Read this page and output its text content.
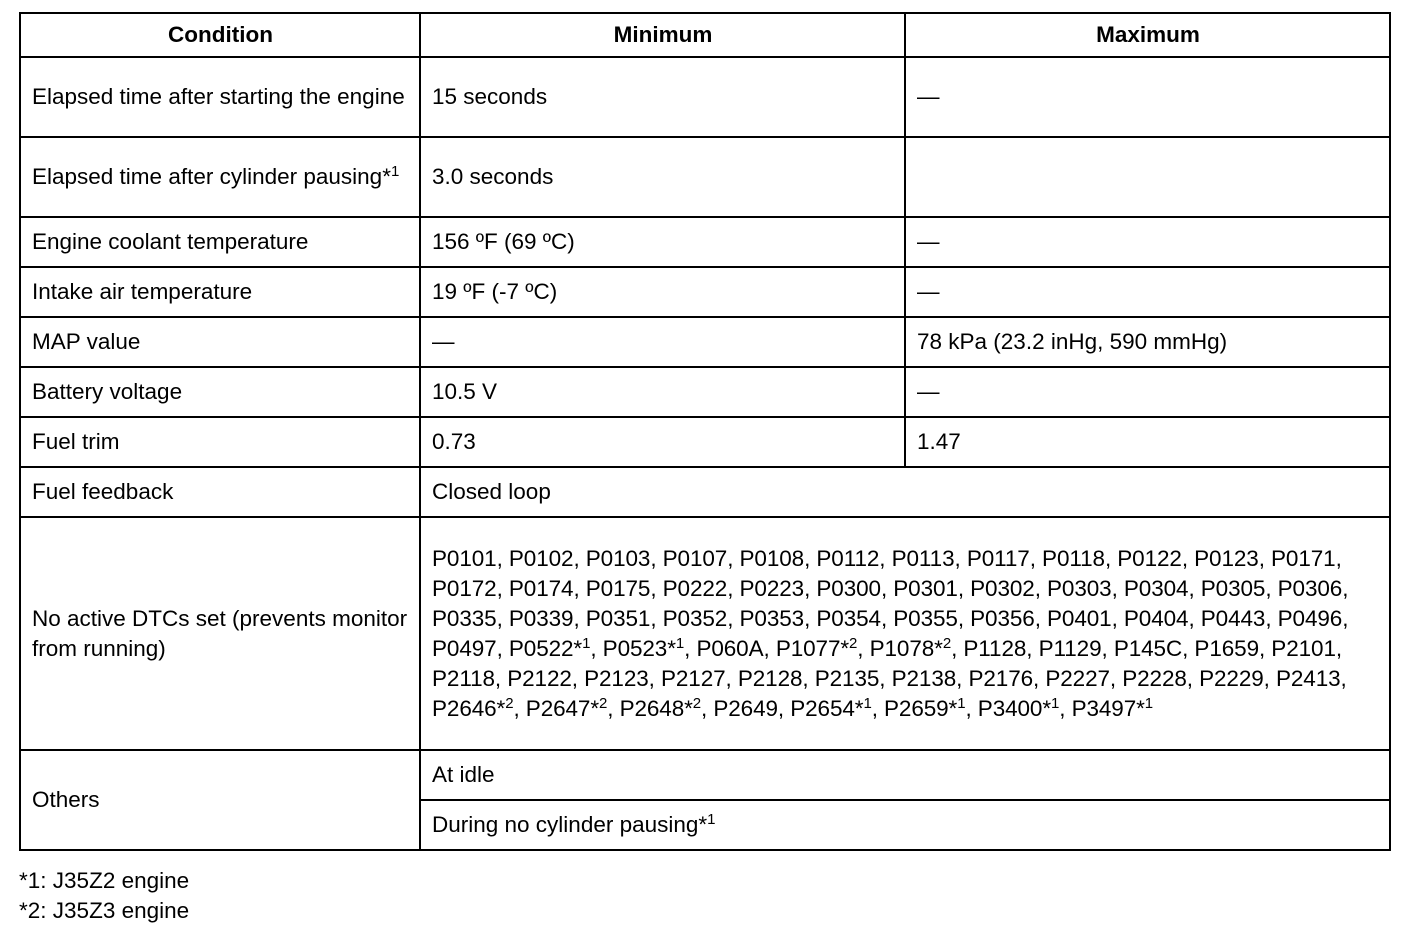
Condition	Minimum	Maximum
Elapsed time after starting the engine	15 seconds	—
Elapsed time after cylinder pausing*$^1$	3.0 seconds	
Engine coolant temperature	156 ºF (69 ºC)	—
Intake air temperature	19 ºF (-7 ºC)	—
MAP value	—	78 kPa (23.2 inHg, 590 mmHg)
Battery voltage	10.5 V	—
Fuel trim	0.73	1.47
Fuel feedback	Closed loop	
No active DTCs set (prevents monitor from running)	P0101, P0102, P0103, P0107, P0108, P0112, P0113, P0117, P0118, P0122, P0123, P0171, P0172, P0174, P0175, P0222, P0223, P0300, P0301, P0302, P0303, P0304, P0305, P0306, P0335, P0339, P0351, P0352, P0353, P0354, P0355, P0356, P0401, P0404, P0443, P0496, P0497, P0522*$^1$, P0523*$^1$, P060A, P1077*$^2$, P1078*$^2$, P1128, P1129, P145C, P1659, P2101, P2118, P2122, P2123, P2127, P2128, P2135, P2138, P2176, P2227, P2228, P2229, P2413, P2646*$^2$, P2647*$^2$, P2648*$^2$, P2649, P2654*$^1$, P2659*$^1$, P3400*$^1$, P3497*$^1$
Others	At idle	
	During no cylinder pausing*$^1$
*1: J35Z2 engine
*2: J35Z3 engine
